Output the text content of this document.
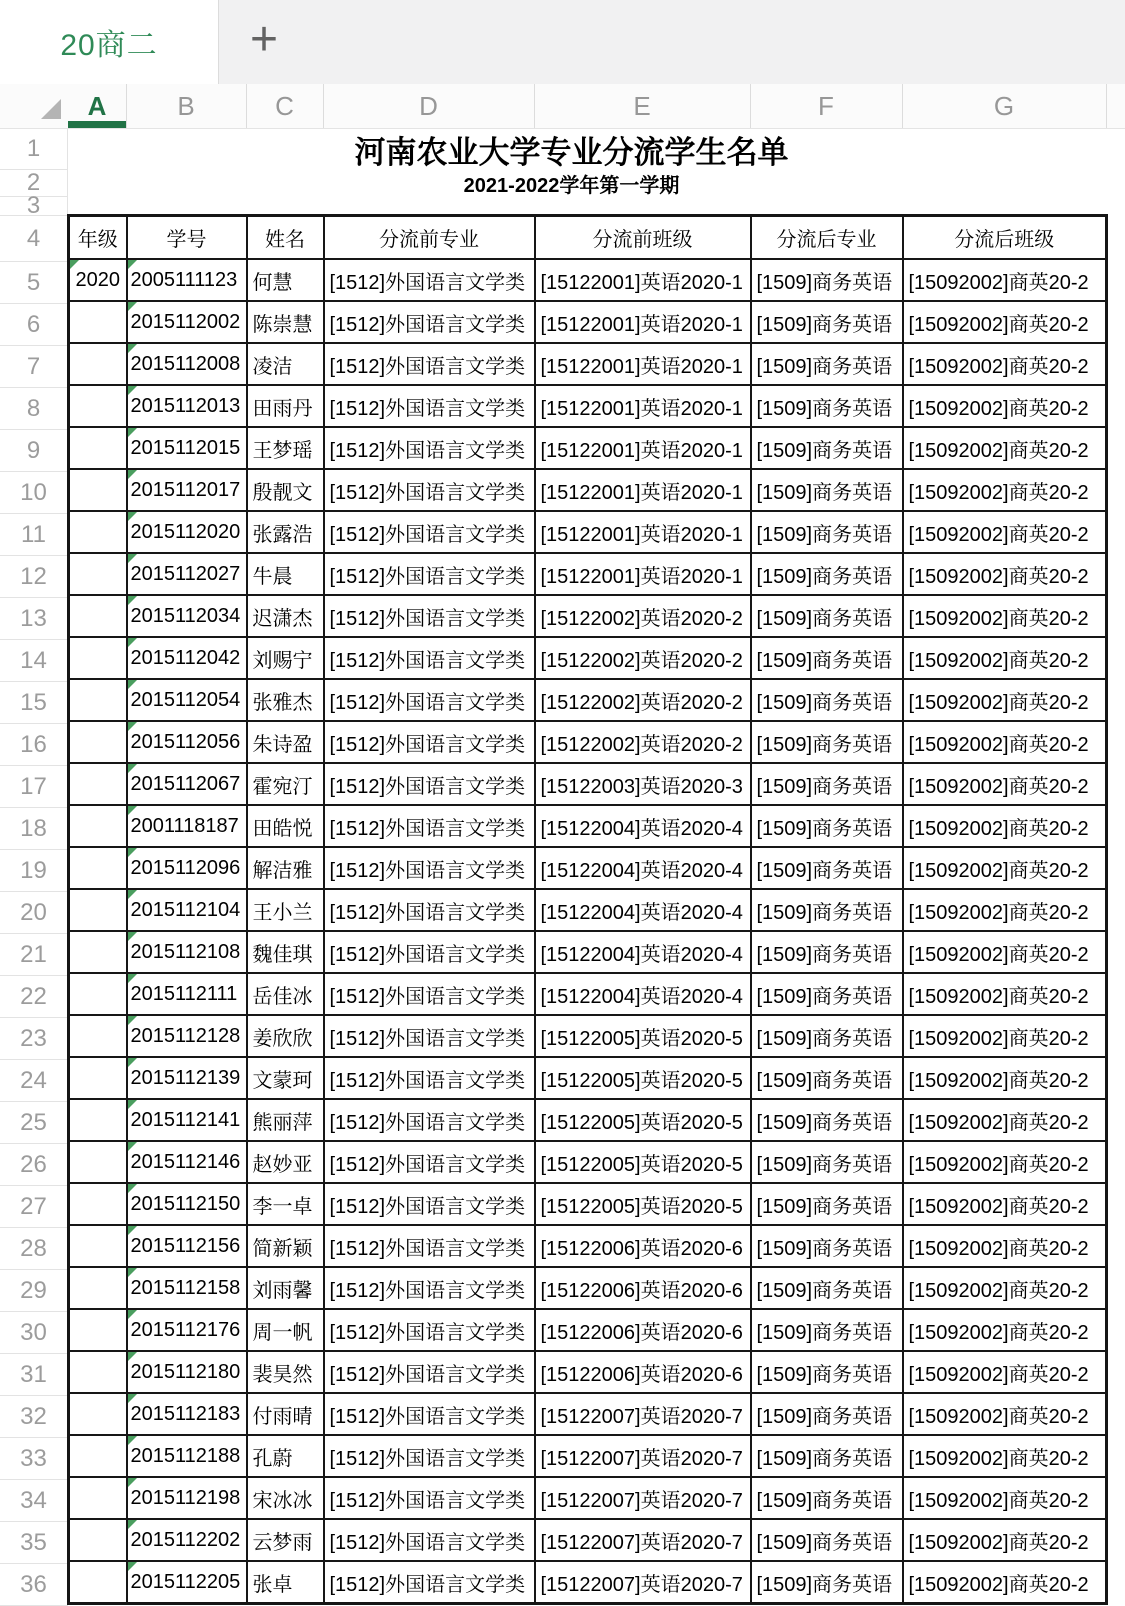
20商二 +
A	B	C	D	E	F	G
1
2
3
4
5
6
7
8
9
10
11
12
13
14
15
16
17
18
19
20
21
22
23
24
25
26
27
28
29
30
31
32
33
34
35
36
河南农业大学专业分流学生名单
2021-2022学年第一学期
年级	学号	姓名	分流前专业	分流前班级	分流后专业	分流后班级
2020	2005111123	何慧	[1512]外国语言文学类	[15122001]英语2020-1	[1509]商务英语	[15092002]商英20-2
	2015112002	陈崇慧	[1512]外国语言文学类	[15122001]英语2020-1	[1509]商务英语	[15092002]商英20-2
	2015112008	凌洁	[1512]外国语言文学类	[15122001]英语2020-1	[1509]商务英语	[15092002]商英20-2
	2015112013	田雨丹	[1512]外国语言文学类	[15122001]英语2020-1	[1509]商务英语	[15092002]商英20-2
	2015112015	王梦瑶	[1512]外国语言文学类	[15122001]英语2020-1	[1509]商务英语	[15092002]商英20-2
	2015112017	殷靓文	[1512]外国语言文学类	[15122001]英语2020-1	[1509]商务英语	[15092002]商英20-2
	2015112020	张露浩	[1512]外国语言文学类	[15122001]英语2020-1	[1509]商务英语	[15092002]商英20-2
	2015112027	牛晨	[1512]外国语言文学类	[15122001]英语2020-1	[1509]商务英语	[15092002]商英20-2
	2015112034	迟潇杰	[1512]外国语言文学类	[15122002]英语2020-2	[1509]商务英语	[15092002]商英20-2
	2015112042	刘赐宁	[1512]外国语言文学类	[15122002]英语2020-2	[1509]商务英语	[15092002]商英20-2
	2015112054	张雅杰	[1512]外国语言文学类	[15122002]英语2020-2	[1509]商务英语	[15092002]商英20-2
	2015112056	朱诗盈	[1512]外国语言文学类	[15122002]英语2020-2	[1509]商务英语	[15092002]商英20-2
	2015112067	霍宛汀	[1512]外国语言文学类	[15122003]英语2020-3	[1509]商务英语	[15092002]商英20-2
	2001118187	田皓悦	[1512]外国语言文学类	[15122004]英语2020-4	[1509]商务英语	[15092002]商英20-2
	2015112096	解洁雅	[1512]外国语言文学类	[15122004]英语2020-4	[1509]商务英语	[15092002]商英20-2
	2015112104	王小兰	[1512]外国语言文学类	[15122004]英语2020-4	[1509]商务英语	[15092002]商英20-2
	2015112108	魏佳琪	[1512]外国语言文学类	[15122004]英语2020-4	[1509]商务英语	[15092002]商英20-2
	2015112111	岳佳冰	[1512]外国语言文学类	[15122004]英语2020-4	[1509]商务英语	[15092002]商英20-2
	2015112128	姜欣欣	[1512]外国语言文学类	[15122005]英语2020-5	[1509]商务英语	[15092002]商英20-2
	2015112139	文蒙珂	[1512]外国语言文学类	[15122005]英语2020-5	[1509]商务英语	[15092002]商英20-2
	2015112141	熊丽萍	[1512]外国语言文学类	[15122005]英语2020-5	[1509]商务英语	[15092002]商英20-2
	2015112146	赵妙亚	[1512]外国语言文学类	[15122005]英语2020-5	[1509]商务英语	[15092002]商英20-2
	2015112150	李一卓	[1512]外国语言文学类	[15122005]英语2020-5	[1509]商务英语	[15092002]商英20-2
	2015112156	简新颖	[1512]外国语言文学类	[15122006]英语2020-6	[1509]商务英语	[15092002]商英20-2
	2015112158	刘雨馨	[1512]外国语言文学类	[15122006]英语2020-6	[1509]商务英语	[15092002]商英20-2
	2015112176	周一帆	[1512]外国语言文学类	[15122006]英语2020-6	[1509]商务英语	[15092002]商英20-2
	2015112180	裴昊然	[1512]外国语言文学类	[15122006]英语2020-6	[1509]商务英语	[15092002]商英20-2
	2015112183	付雨晴	[1512]外国语言文学类	[15122007]英语2020-7	[1509]商务英语	[15092002]商英20-2
	2015112188	孔蔚	[1512]外国语言文学类	[15122007]英语2020-7	[1509]商务英语	[15092002]商英20-2
	2015112198	宋冰冰	[1512]外国语言文学类	[15122007]英语2020-7	[1509]商务英语	[15092002]商英20-2
	2015112202	云梦雨	[1512]外国语言文学类	[15122007]英语2020-7	[1509]商务英语	[15092002]商英20-2
	2015112205	张卓	[1512]外国语言文学类	[15122007]英语2020-7	[1509]商务英语	[15092002]商英20-2
